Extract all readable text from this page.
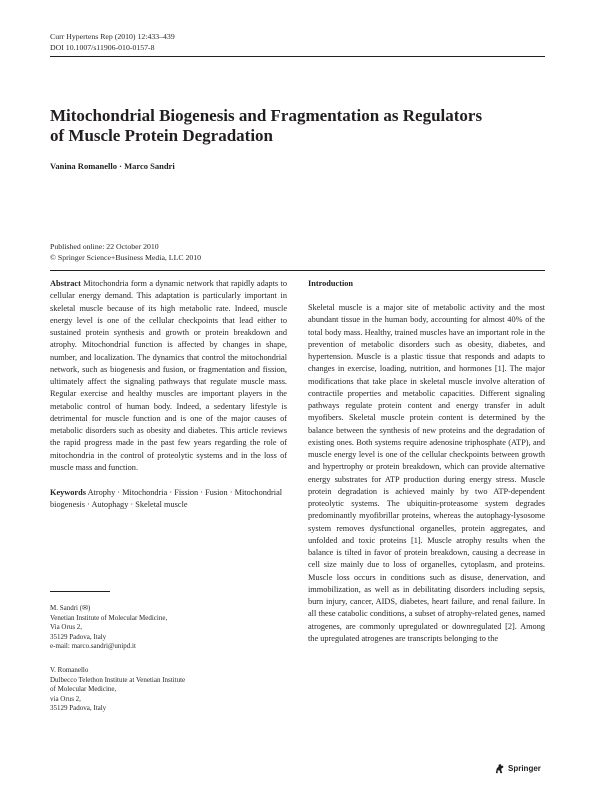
Curr Hypertens Rep (2010) 12:433–439
DOI 10.1007/s11906-010-0157-8
Mitochondrial Biogenesis and Fragmentation as Regulators
of Muscle Protein Degradation
Vanina Romanello · Marco Sandri
Published online: 22 October 2010
© Springer Science+Business Media, LLC 2010

Abstract Mitochondria form a dynamic network that rapidly adapts to cellular energy demand. This adaptation is particularly important in skeletal muscle because of its high metabolic rate. Indeed, muscle energy level is one of the cellular checkpoints that lead either to sustained protein synthesis and growth or protein breakdown and atrophy. Mitochondrial function is affected by changes in shape, number, and localization. The dynamics that control the mitochondrial network, such as biogenesis and fusion, or fragmentation and fission, ultimately affect the signaling pathways that regulate muscle mass. Regular exercise and healthy muscles are important players in the metabolic control of human body. Indeed, a sedentary lifestyle is detrimental for muscle function and is one of the major causes of metabolic disorders such as obesity and diabetes. This article reviews the rapid progress made in the past few years regarding the role of mitochondria in the control of proteolytic systems and in the loss of muscle mass and function.

Keywords Atrophy · Mitochondria · Fission · Fusion · Mitochondrial biogenesis · Autophagy · Skeletal muscle

M. Sandri (✉)
Venetian Institute of Molecular Medicine,
Via Orus 2,
35129 Padova, Italy
e-mail: marco.sandri@unipd.it
V. Romanello
Dulbecco Telethon Institute at Venetian Institute
of Molecular Medicine,
via Orus 2,
35129 Padova, Italy
Introduction

Skeletal muscle is a major site of metabolic activity and the most abundant tissue in the human body, accounting for almost 40% of the total body mass. Healthy, trained muscles have an important role in the prevention of metabolic disorders such as obesity, diabetes, and hypertension. Muscle is a plastic tissue that responds and adapts to changes in exercise, loading, nutrition, and hormones [1]. The major modifications that take place in skeletal muscle involve alteration of contractile properties and metabolic capacities. Different signaling pathways regulate protein content and energy transfer in adult myofibers. Skeletal muscle protein content is determined by the balance between the synthesis of new proteins and the degradation of existing ones. Both systems require adenosine triphosphate (ATP), and muscle energy level is one of the cellular checkpoints between growth and hypertrophy or protein breakdown, which can provide alternative energy substrates for ATP production during energy stress. Muscle protein degradation is achieved mainly by two ATP-dependent proteolytic systems. The ubiquitin-proteasome system degrades predominantly myofibrillar proteins, whereas the autophagy-lysosome system removes dysfunctional organelles, protein aggregates, and unfolded and toxic proteins [1]. Muscle atrophy results when the balance is tilted in favor of protein breakdown, causing a decrease in cell size mainly due to loss of organelles, cytoplasm, and proteins. Muscle loss occurs in conditions such as disuse, denervation, and immobilization, as well as in debilitating disorders including sepsis, burn injury, cancer, AIDS, diabetes, heart failure, and renal failure. In all these catabolic conditions, a subset of atrophy-related genes, named atrogenes, are commonly upregulated or downregulated [2]. Among the upregulated atrogenes are transcripts belonging to the

Springer
